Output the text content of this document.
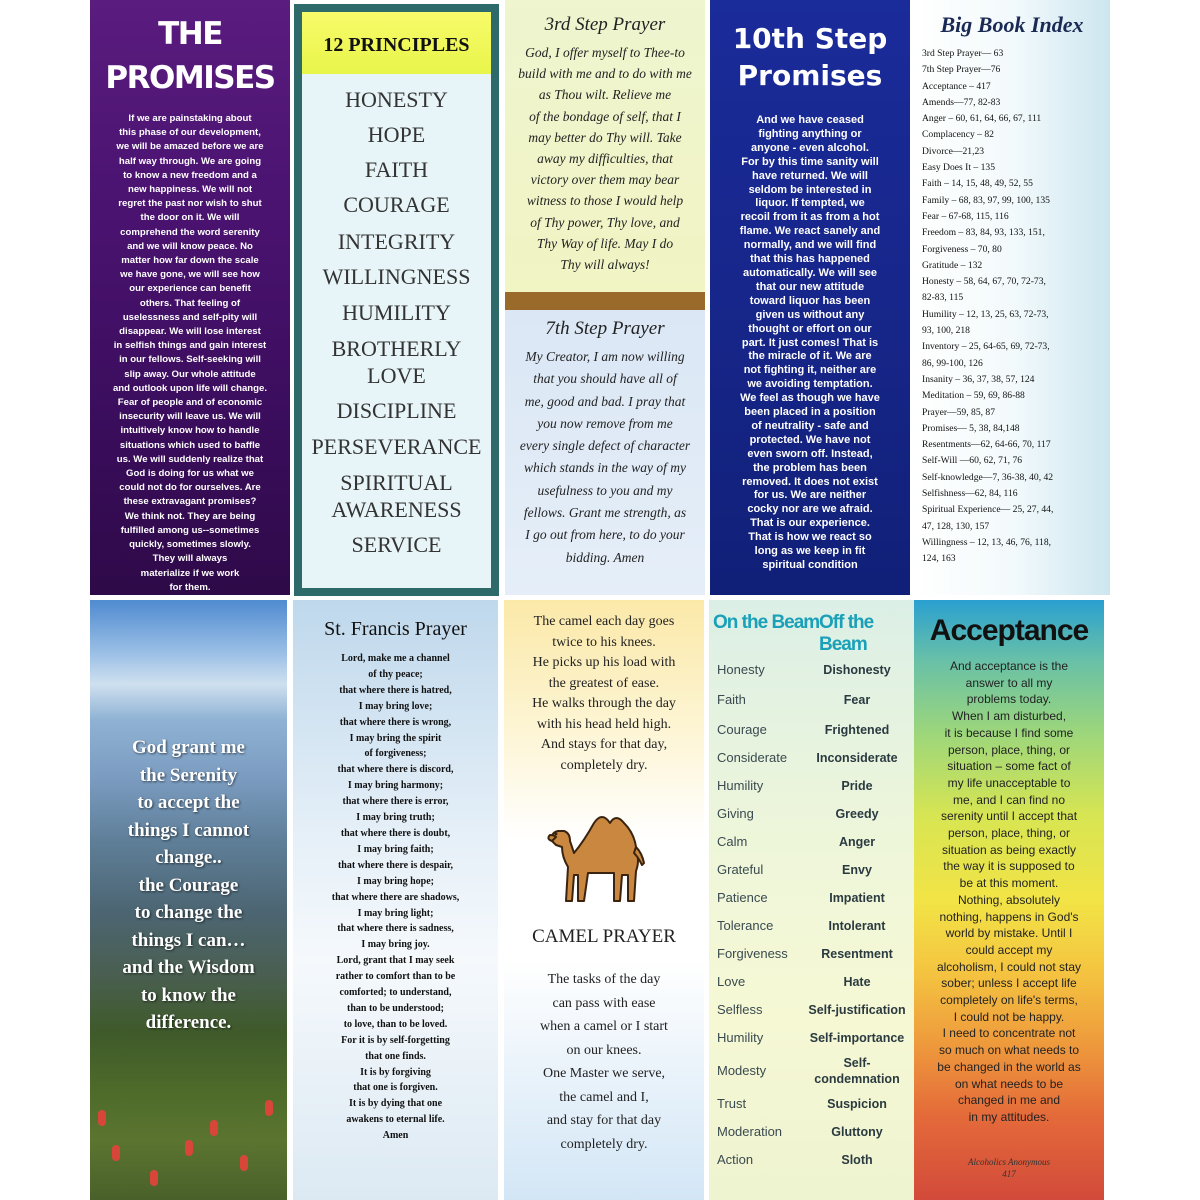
THE PROMISES
If we are painstaking about
this phase of our development,
we will be amazed before we are
half way through. We are going
to know a new freedom and a
new happiness. We will not
regret the past nor wish to shut
the door on it. We will
comprehend the word serenity
and we will know peace. No
matter how far down the scale
we have gone, we will see how
our experience can benefit
others. That feeling of
uselessness and self-pity will
disappear. We will lose interest
in selfish things and gain interest
in our fellows. Self-seeking will
slip away. Our whole attitude
and outlook upon life will change.
Fear of people and of economic
insecurity will leave us. We will
intuitively know how to handle
situations which used to baffle
us. We will suddenly realize that
God is doing for us what we
could not do for ourselves. Are
these extravagant promises?
We think not. They are being
fulfilled among us--sometimes
quickly, sometimes slowly.
They will always
materialize if we work
for them.
12 PRINCIPLES
HONESTY
HOPE
FAITH
COURAGE
INTEGRITY
WILLINGNESS
HUMILITY
BROTHERLY
LOVE
DISCIPLINE
PERSEVERANCE
SPIRITUAL
AWARENESS
SERVICE
3rd Step Prayer
God, I offer myself to Thee-to
build with me and to do with me
as Thou wilt. Relieve me
of the bondage of self, that I
may better do Thy will. Take
away my difficulties, that
victory over them may bear
witness to those I would help
of Thy power, Thy love, and
Thy Way of life. May I do
Thy will always!
7th Step Prayer
My Creator, I am now willing
that you should have all of
me, good and bad. I pray that
you now remove from me
every single defect of character
which stands in the way of my
usefulness to you and my
fellows. Grant me strength, as
I go out from here, to do your
bidding. Amen
10th Step
Promises
And we have ceased
fighting anything or
anyone - even alcohol.
For by this time sanity will
have returned. We will
seldom be interested in
liquor. If tempted, we
recoil from it as from a hot
flame. We react sanely and
normally, and we will find
that this has happened
automatically. We will see
that our new attitude
toward liquor has been
given us without any
thought or effort on our
part. It just comes! That is
the miracle of it. We are
not fighting it, neither are
we avoiding temptation.
We feel as though we have
been placed in a position
of neutrality - safe and
protected. We have not
even sworn off. Instead,
the problem has been
removed. It does not exist
for us. We are neither
cocky nor are we afraid.
That is our experience.
That is how we react so
long as we keep in fit
spiritual condition
Big Book Index
3rd Step Prayer— 63
7th Step Prayer—76
Acceptance – 417
Amends—77, 82-83
Anger – 60, 61, 64, 66, 67, 111
Complacency – 82
Divorce—21,23
Easy Does It – 135
Faith – 14, 15, 48, 49, 52, 55
Family – 68, 83, 97, 99, 100, 135
Fear – 67-68, 115, 116
Freedom – 83, 84, 93, 133, 151,
Forgiveness – 70, 80
Gratitude – 132
Honesty – 58, 64, 67, 70, 72-73,
82-83, 115
Humility – 12, 13, 25, 63, 72-73,
93, 100, 218
Inventory – 25, 64-65, 69, 72-73,
86, 99-100, 126
Insanity – 36, 37, 38, 57, 124
Meditation – 59, 69, 86-88
Prayer—59, 85, 87
Promises— 5, 38, 84,148
Resentments—62, 64-66, 70, 117
Self-Will —60, 62, 71, 76
Self-knowledge—7, 36-38, 40, 42
Selfishness—62, 84, 116
Spiritual Experience— 25, 27, 44,
47, 128, 130, 157
Willingness – 12, 13, 46, 76, 118,
124, 163
God grant me
the Serenity
to accept the
things I cannot
change..
the Courage
to change the
things I can…
and the Wisdom
to know the
difference.
St. Francis Prayer
Lord, make me a channel
of thy peace;
that where there is hatred,
I may bring love;
that where there is wrong,
I may bring the spirit
of forgiveness;
that where there is discord,
I may bring harmony;
that where there is error,
I may bring truth;
that where there is doubt,
I may bring faith;
that where there is despair,
I may bring hope;
that where there are shadows,
I may bring light;
that where there is sadness,
I may bring joy.
Lord, grant that I may seek
rather to comfort than to be
comforted; to understand,
than to be understood;
to love, than to be loved.
For it is by self-forgetting
that one finds.
It is by forgiving
that one is forgiven.
It is by dying that one
awakens to eternal life.
Amen
The camel each day goes
twice to his knees.
He picks up his load with
the greatest of ease.
He walks through the day
with his head held high.
And stays for that day,
completely dry.
CAMEL PRAYER
The tasks of the day
can pass with ease
when a camel or I start
on our knees.
One Master we serve,
the camel and I,
and stay for that day
completely dry.
On the Beam Off the Beam
Honesty	Dishonesty
Faith	Fear
Courage	Frightened
Considerate	Inconsiderate
Humility	Pride
Giving	Greedy
Calm	Anger
Grateful	Envy
Patience	Impatient
Tolerance	Intolerant
Forgiveness	Resentment
Love	Hate
Selfless	Self-justification
Humility	Self-importance
Modesty	Self-
condemnation
Trust	Suspicion
Moderation	Gluttony
Action	Sloth
Acceptance
And acceptance is the
answer to all my
problems today.
When I am disturbed,
it is because I find some
person, place, thing, or
situation – some fact of
my life unacceptable to
me, and I can find no
serenity until I accept that
person, place, thing, or
situation as being exactly
the way it is supposed to
be at this moment.
Nothing, absolutely
nothing, happens in God's
world by mistake. Until I
could accept my
alcoholism, I could not stay
sober; unless I accept life
completely on life's terms,
I could not be happy.
I need to concentrate not
so much on what needs to
be changed in the world as
on what needs to be
changed in me and
in my attitudes.
Alcoholics Anonymous
417
